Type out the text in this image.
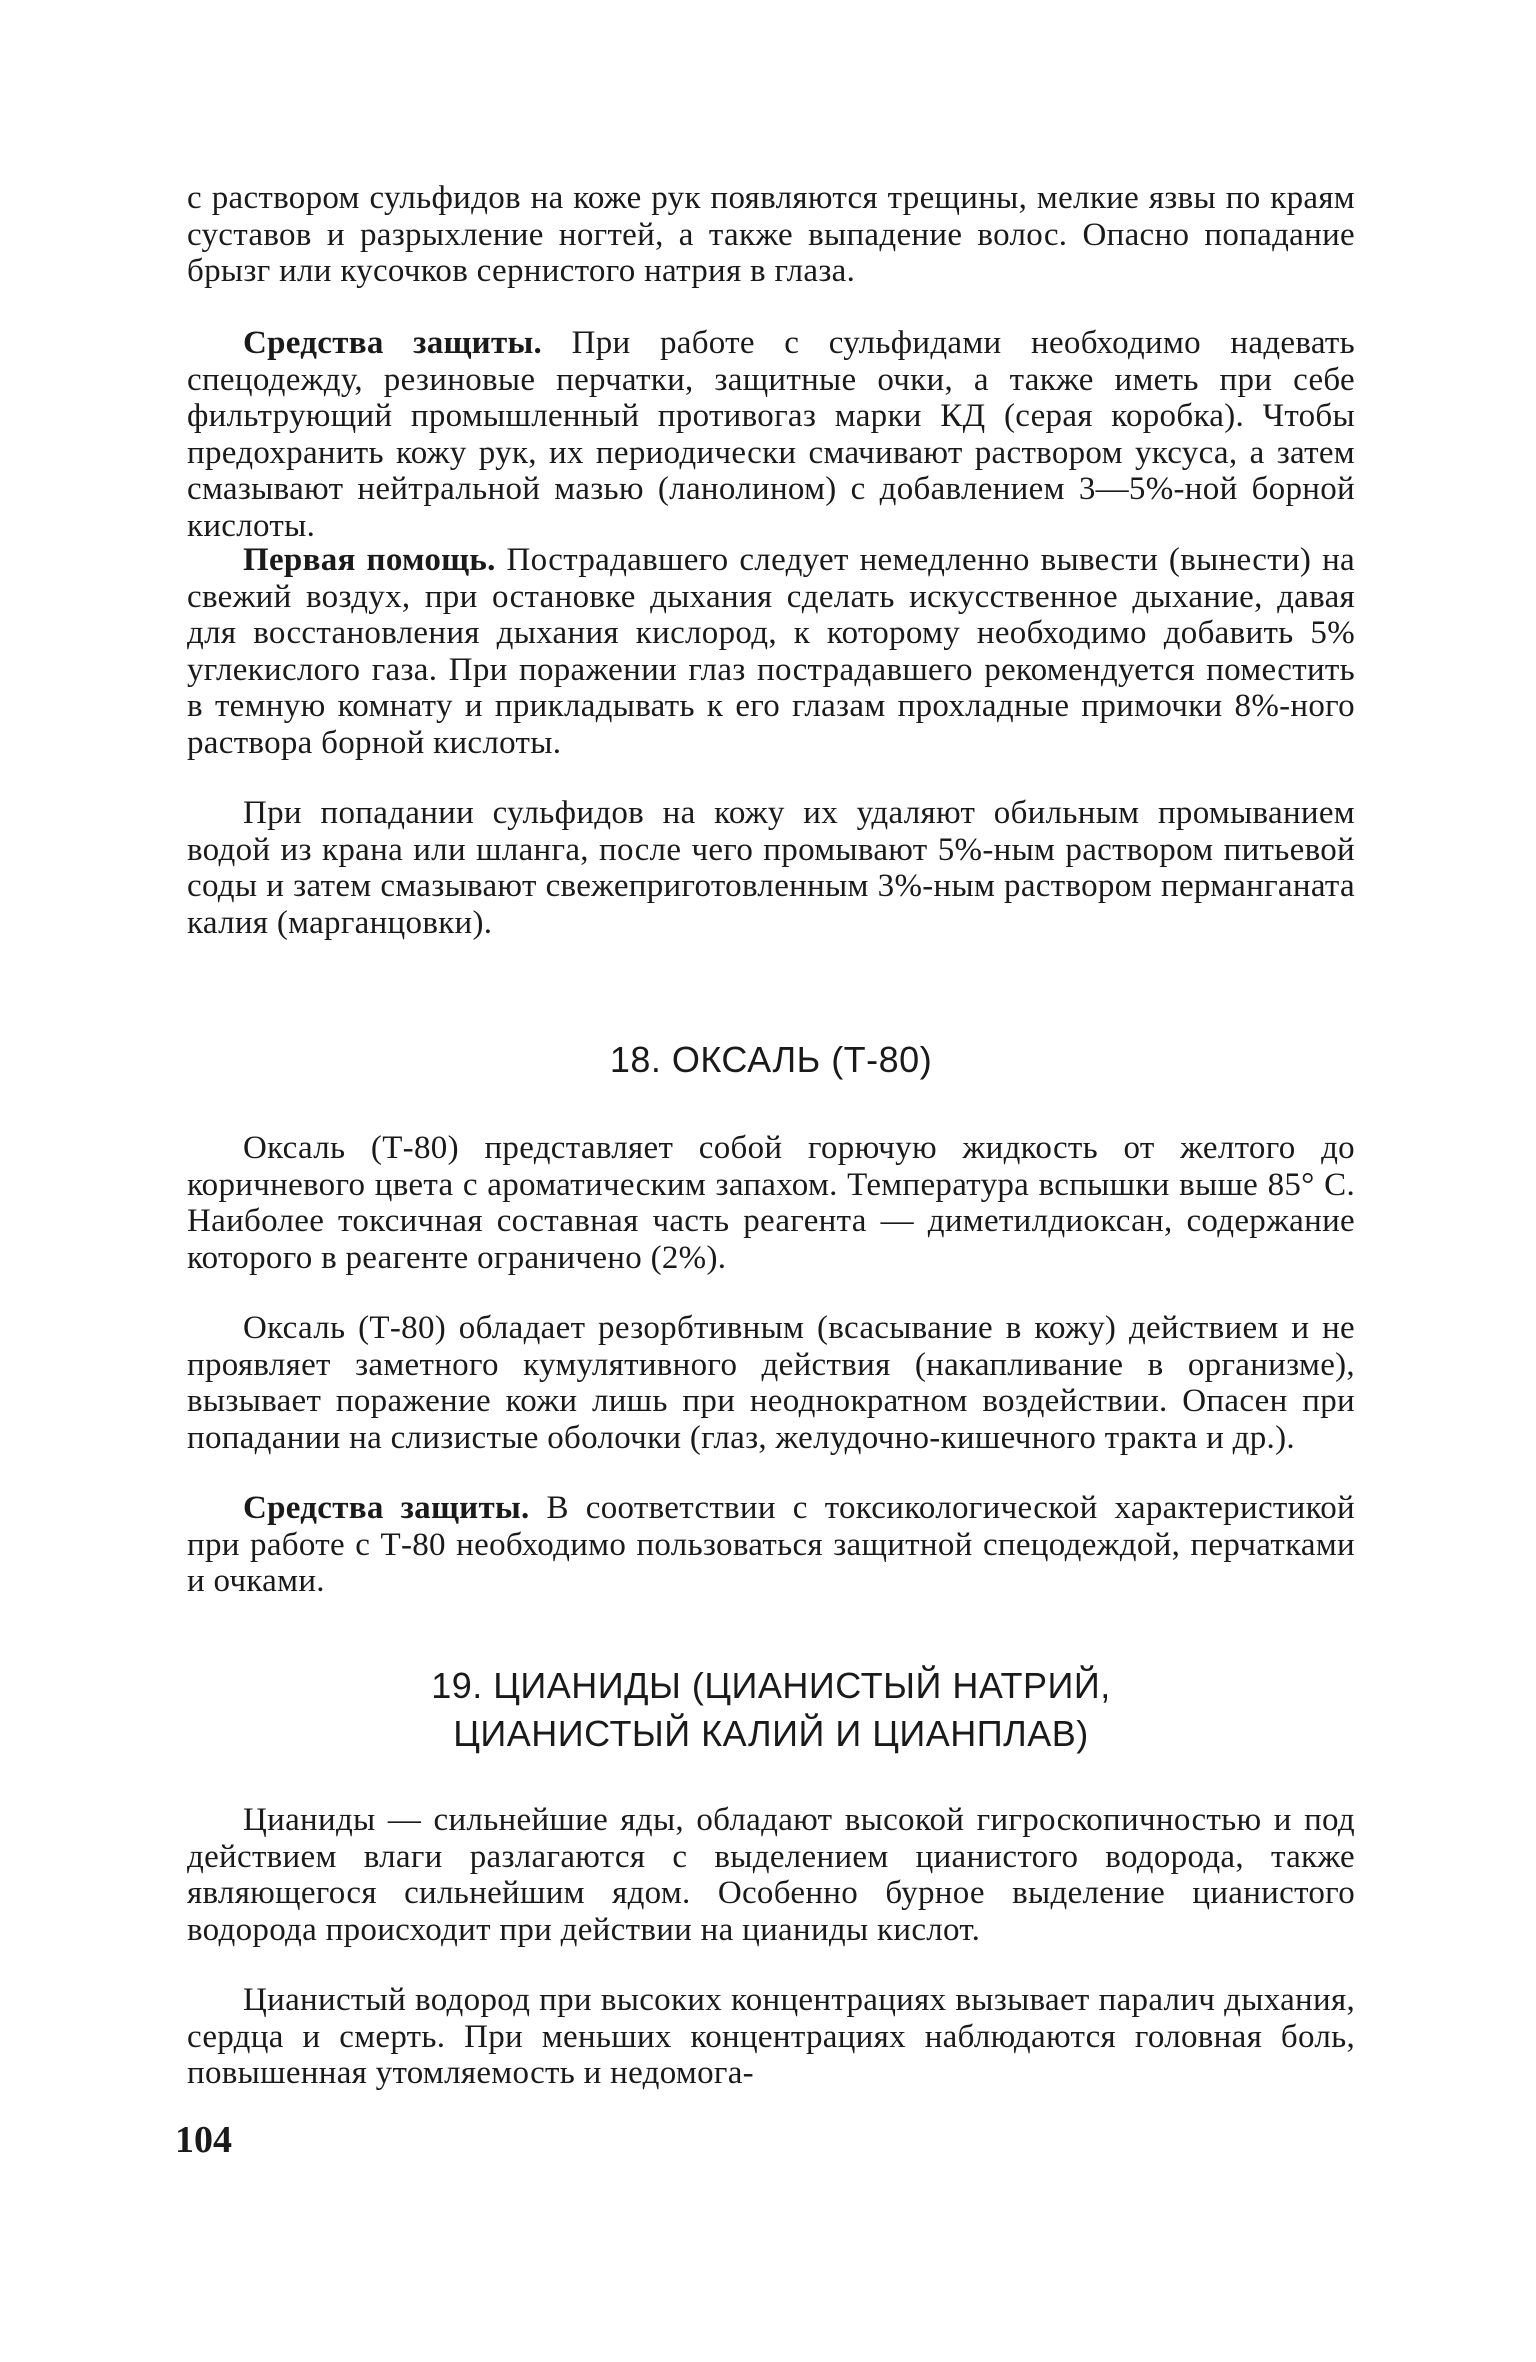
с раствором сульфидов на коже рук появляются трещины, мелкие язвы по краям суставов и разрыхление ногтей, а также выпадение волос. Опасно попадание брызг или кусочков сернистого натрия в глаза.

Средства защиты. При работе с сульфидами необходимо надевать спецодежду, резиновые перчатки, защитные очки, а также иметь при себе фильтрующий промышленный противогаз марки КД (серая коробка). Чтобы предохранить кожу рук, их периодически смачивают раствором уксуса, а затем смазывают нейтральной мазью (ланолином) с добавлением 3—5%-ной борной кислоты.

Первая помощь. Пострадавшего следует немедленно вывести (вынести) на свежий воздух, при остановке дыхания сделать искусственное дыхание, давая для восстановления дыхания кислород, к которому необходимо добавить 5% углекислого газа. При поражении глаз пострадавшего рекомендуется поместить в темную комнату и прикладывать к его глазам прохладные примочки 8%-ного раствора борной кислоты.

При попадании сульфидов на кожу их удаляют обильным промыванием водой из крана или шланга, после чего промывают 5%-ным раствором питьевой соды и затем смазывают свежеприготовленным 3%-ным раствором перманганата калия (марганцовки).

18. ОКСАЛЬ (Т-80)

Оксаль (Т-80) представляет собой горючую жидкость от желтого до коричневого цвета с ароматическим запахом. Температура вспышки выше 85° С. Наиболее токсичная составная часть реагента — диметилдиоксан, содержание которого в реагенте ограничено (2%).

Оксаль (Т-80) обладает резорбтивным (всасывание в кожу) действием и не проявляет заметного кумулятивного действия (накапливание в организме), вызывает поражение кожи лишь при неоднократном воздействии. Опасен при попадании на слизистые оболочки (глаз, желудочно-кишечного тракта и др.).

Средства защиты. В соответствии с токсикологической характеристикой при работе с Т-80 необходимо пользоваться защитной спецодеждой, перчатками и очками.

19. ЦИАНИДЫ (ЦИАНИСТЫЙ НАТРИЙ,
ЦИАНИСТЫЙ КАЛИЙ И ЦИАНПЛАВ)

Цианиды — сильнейшие яды, обладают высокой гигроскопичностью и под действием влаги разлагаются с выделением цианистого водорода, также являющегося сильнейшим ядом. Особенно бурное выделение цианистого водорода происходит при действии на цианиды кислот.

Цианистый водород при высоких концентрациях вызывает паралич дыхания, сердца и смерть. При меньших концентрациях наблюдаются головная боль, повышенная утомляемость и недомога-

104
